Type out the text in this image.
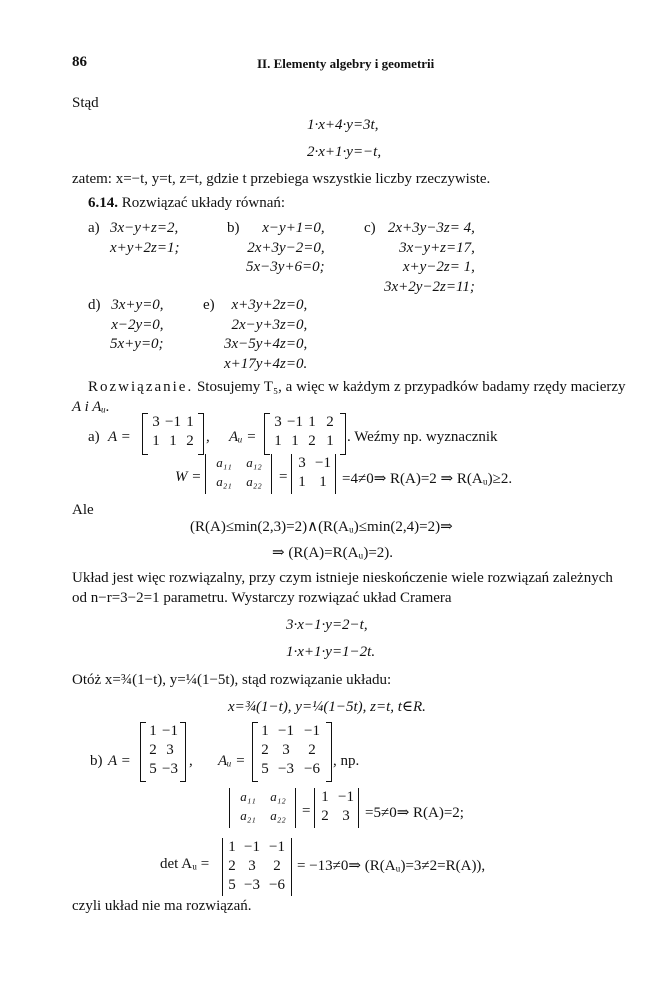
86	II. Elementy algebry i geometrii
Stąd
1·x+4·y=3t,
2·x+1·y=−t,
zatem: x=−t, y=t, z=t, gdzie t przebiega wszystkie liczby rzeczywiste.
6.14. Rozwiązać układy równań:
a) 3x−y+z=2,
x+y+2z=1;
b)	x−y+1=0,
2x+3y−2=0,
5x−3y+6=0;
c) 2x+3y−3z= 4,
3x−y+z=17,
x+y−2z= 1,
3x+2y−2z=11;
d) 3x+y=0,
x−2y=0,
5x+y=0;
e)	x+3y+2z=0,
2x−y+3z=0,
3x−5y+4z=0,
x+17y+4z=0.
Rozwiązanie. Stosujemy T₅, a więc w każdym z przypadków badamy rzędy macierzy
A i Aᵤ.
a) A =
3 −1 1
1 1 2 , Aᵤ =
3 −1 1 2
1 1 2 1 . Weźmy np. wyznacznik
W =
a₁₁	a₁₂
a₂₁	a₂₂	=
3 −1
1 1	=4≠0⇒ R(A)=2 ⇒ R(Aᵤ)≥2.
Ale
(R(A)≤min(2,3)=2)∧(R(Aᵤ)≤min(2,4)=2)⇒
⇒ (R(A)=R(Aᵤ)=2).
Układ jest więc rozwiązalny, przy czym istnieje nieskończenie wiele rozwiązań zależnych
od n−r=3−2=1 parametru. Wystarczy rozwiązać układ Cramera
3·x−1·y=2−t,
1·x+1·y=1−2t.
Otóż x=¾(1−t), y=¼(1−5t), stąd rozwiązanie układu:
x=¾(1−t), y=¼(1−5t), z=t, t∈R.
b) A =
1 −1
2 3
5 −3 , Aᵤ =
1 −1 −1
2 3	2
5 −3 −6 , np.
a₁₁	a₁₂
a₂₁	a₂₂	=
1 −1
2 3	=5≠0⇒ R(A)=2;
det Aᵤ =
1 −1 −1
2 3	2
5 −3 −6
= −13≠0⇒ (R(Aᵤ)=3≠2=R(A)),
czyli układ nie ma rozwiązań.
